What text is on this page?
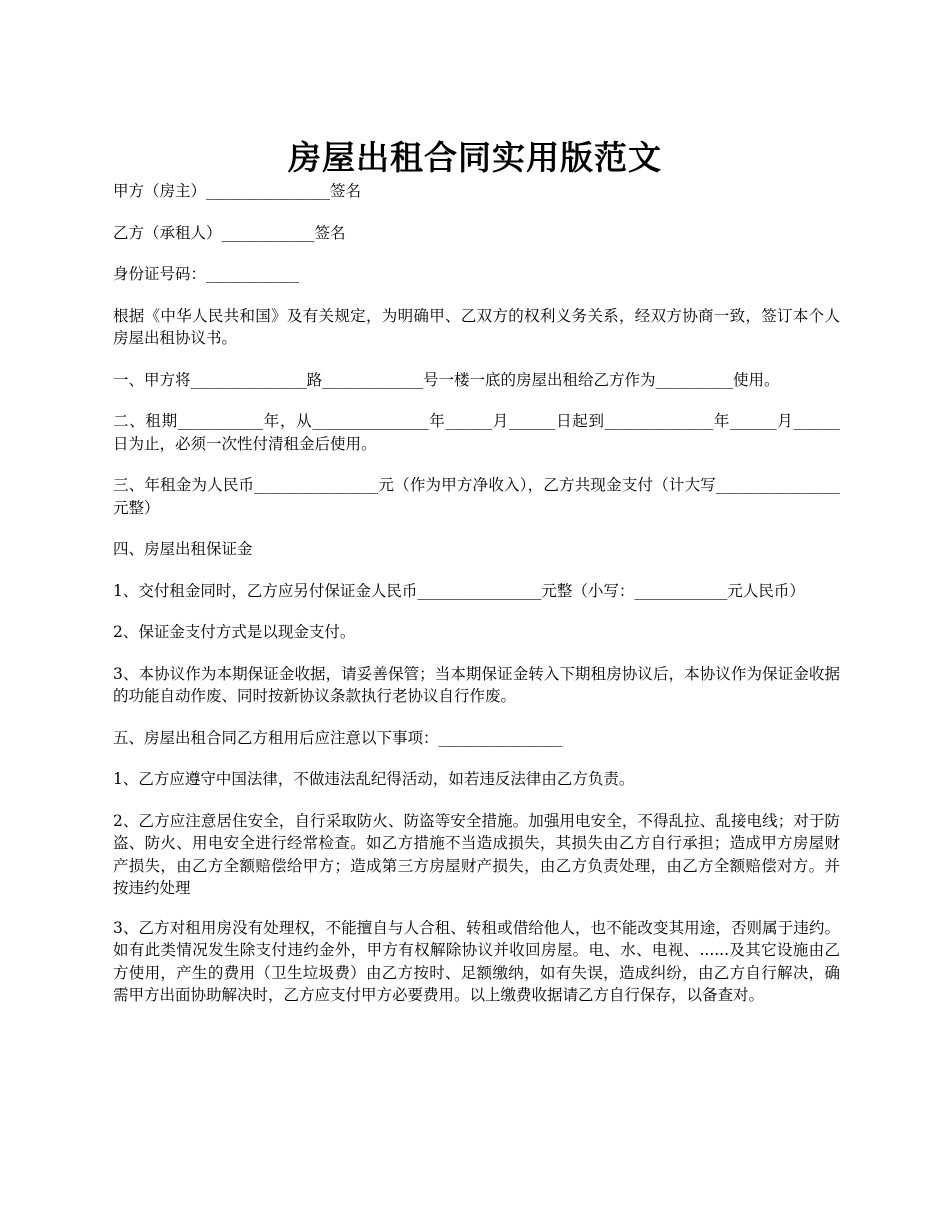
房屋出租合同实用版范文

甲方（房主）________________签名

乙方（承租人）____________签名

身份证号码：____________

根据《中华人民共和国》及有关规定，为明确甲、乙双方的权利义务关系，经双方协商一致，签订本个人房屋出租协议书。

一、甲方将_______________路_____________号一楼一底的房屋出租给乙方作为__________使用。

二、租期___________年，从_______________年______月______日起到______________年______月______日为止，必须一次性付清租金后使用。

三、年租金为人民币________________元（作为甲方净收入），乙方共现金支付（计大写________________元整）

四、房屋出租保证金

1、交付租金同时，乙方应另付保证金人民币________________元整（小写：____________元人民币）

2、保证金支付方式是以现金支付。

3、本协议作为本期保证金收据，请妥善保管；当本期保证金转入下期租房协议后，本协议作为保证金收据的功能自动作废、同时按新协议条款执行老协议自行作废。

五、房屋出租合同乙方租用后应注意以下事项：________________

1、乙方应遵守中国法律，不做违法乱纪得活动，如若违反法律由乙方负责。

2、乙方应注意居住安全，自行采取防火、防盗等安全措施。加强用电安全，不得乱拉、乱接电线；对于防盗、防火、用电安全进行经常检查。如乙方措施不当造成损失，其损失由乙方自行承担；造成甲方房屋财产损失，由乙方全额赔偿给甲方；造成第三方房屋财产损失，由乙方负责处理，由乙方全额赔偿对方。并按违约处理

3、乙方对租用房没有处理权，不能擅自与人合租、转租或借给他人，也不能改变其用途，否则属于违约。如有此类情况发生除支付违约金外，甲方有权解除协议并收回房屋。电、水、电视、......及其它设施由乙方使用，产生的费用（卫生垃圾费）由乙方按时、足额缴纳，如有失误，造成纠纷，由乙方自行解决，确需甲方出面协助解决时，乙方应支付甲方必要费用。以上缴费收据请乙方自行保存，以备查对。
